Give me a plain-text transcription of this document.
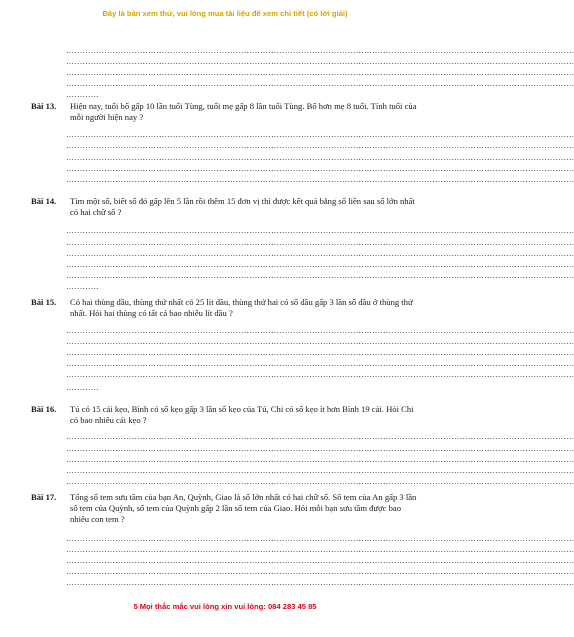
Đây là bản xem thử, vui lòng mua tài liệu để xem chi tiết (có lời giải)
……………………………………………………………………………………………………………………………………………………………………
……………………………………………………………………………………………………………………………………………………………………
……………………………………………………………………………………………………………………………………………………………………
……………………………………………………………………………………………………………………………………………………………………
…………
Bài 13. Hiện nay, tuổi bố gấp 10 lần tuổi Tùng, tuổi mẹ gấp 8 lần tuổi Tùng. Bố hơn mẹ 8 tuổi. Tính tuổi của mỗi người hiện nay ?
……………………………………………………………………………………………………………………………………………………………………
……………………………………………………………………………………………………………………………………………………………………
……………………………………………………………………………………………………………………………………………………………………
……………………………………………………………………………………………………………………………………………………………………
……………………………………………………………………………………………………………………………………………………………………
Bài 14. Tìm một số, biết số đó gấp lên 5 lần rồi thêm 15 đơn vị thì được kết quả bằng số liền sau số lớn nhất có hai chữ số ?
……………………………………………………………………………………………………………………………………………………………………
……………………………………………………………………………………………………………………………………………………………………
……………………………………………………………………………………………………………………………………………………………………
……………………………………………………………………………………………………………………………………………………………………
……………………………………………………………………………………………………………………………………………………………………
…………
Bài 15. Có hai thùng dầu, thùng thứ nhất có 25 lít dầu, thùng thứ hai có số dầu gấp 3 lần số dầu ở thùng thứ nhất. Hỏi hai thùng có tất cả bao nhiêu lít dầu ?
……………………………………………………………………………………………………………………………………………………………………
……………………………………………………………………………………………………………………………………………………………………
……………………………………………………………………………………………………………………………………………………………………
……………………………………………………………………………………………………………………………………………………………………
……………………………………………………………………………………………………………………………………………………………………
…………
Bài 16. Tú có 15 cái kẹo, Bình có số kẹo gấp 3 lần số kẹo của Tú, Chi có số kẹo ít hơn Bình 19 cái. Hỏi Chi có bao nhiêu cái kẹo ?
……………………………………………………………………………………………………………………………………………………………………
……………………………………………………………………………………………………………………………………………………………………
……………………………………………………………………………………………………………………………………………………………………
……………………………………………………………………………………………………………………………………………………………………
……………………………………………………………………………………………………………………………………………………………………
Bài 17. Tổng số tem sưu tầm của bạn An, Quỳnh, Giao là số lớn nhất có hai chữ số. Số tem của An gấp 3 lần số tem của Quỳnh, số tem của Quỳnh gấp 2 lần số tem của Giao. Hỏi mỗi bạn sưu tầm được bao nhiêu con tem ?
……………………………………………………………………………………………………………………………………………………………………
……………………………………………………………………………………………………………………………………………………………………
……………………………………………………………………………………………………………………………………………………………………
……………………………………………………………………………………………………………………………………………………………………
……………………………………………………………………………………………………………………………………………………………………
5 Mọi thắc mắc vui lòng xin vui lòng: 084 283 45 85
